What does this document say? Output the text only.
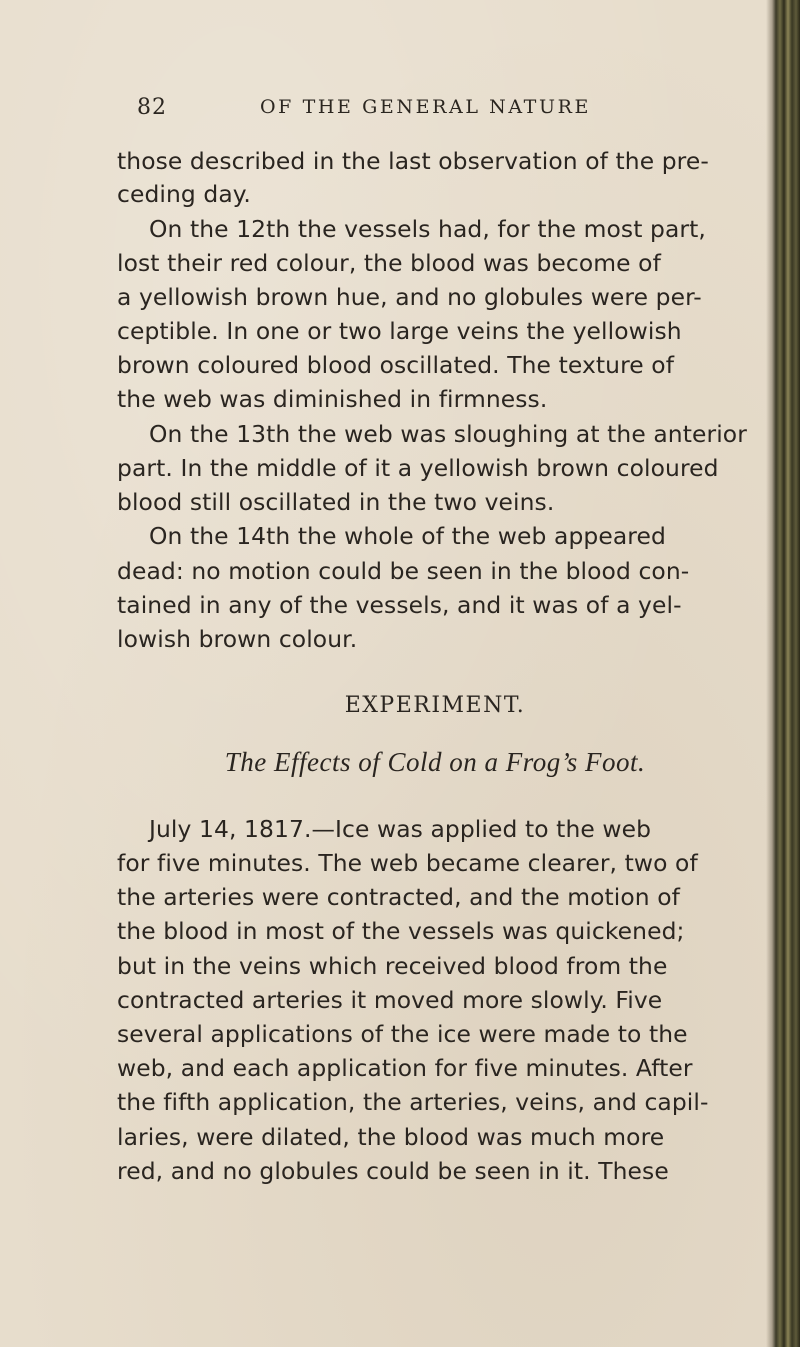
82	OF THE GENERAL NATURE
those described in the last observation of the pre-
ceding day.
On the 12th the vessels had, for the most part,
lost their red colour, the blood was become of
a yellowish brown hue, and no globules were per-
ceptible. In one or two large veins the yellowish
brown coloured blood oscillated. The texture of
the web was diminished in firmness.
On the 13th the web was sloughing at the anterior
part. In the middle of it a yellowish brown coloured
blood still oscillated in the two veins.
On the 14th the whole of the web appeared
dead: no motion could be seen in the blood con-
tained in any of the vessels, and it was of a yel-
lowish brown colour.
EXPERIMENT.
The Effects of Cold on a Frog’s Foot.
July 14, 1817.—Ice was applied to the web
for five minutes. The web became clearer, two of
the arteries were contracted, and the motion of
the blood in most of the vessels was quickened;
but in the veins which received blood from the
contracted arteries it moved more slowly. Five
several applications of the ice were made to the
web, and each application for five minutes. After
the fifth application, the arteries, veins, and capil-
laries, were dilated, the blood was much more
red, and no globules could be seen in it. These
